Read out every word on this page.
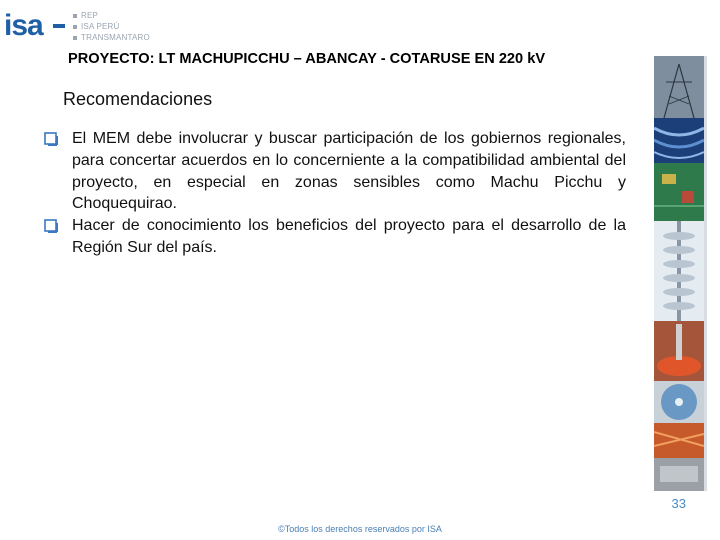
isa	REP
ISA PERÚ
TRANSMANTARO
PROYECTO: LT MACHUPICCHU – ABANCAY - COTARUSE EN 220 kV
Recomendaciones
El MEM debe involucrar y buscar participación de los gobiernos regionales, para concertar acuerdos en lo concerniente a la compatibilidad ambiental del proyecto, en especial en zonas sensibles como Machu Picchu y Choquequirao.
Hacer de conocimiento los beneficios del proyecto para el desarrollo de la Región Sur del país.
33
©Todos los derechos reservados por ISA
